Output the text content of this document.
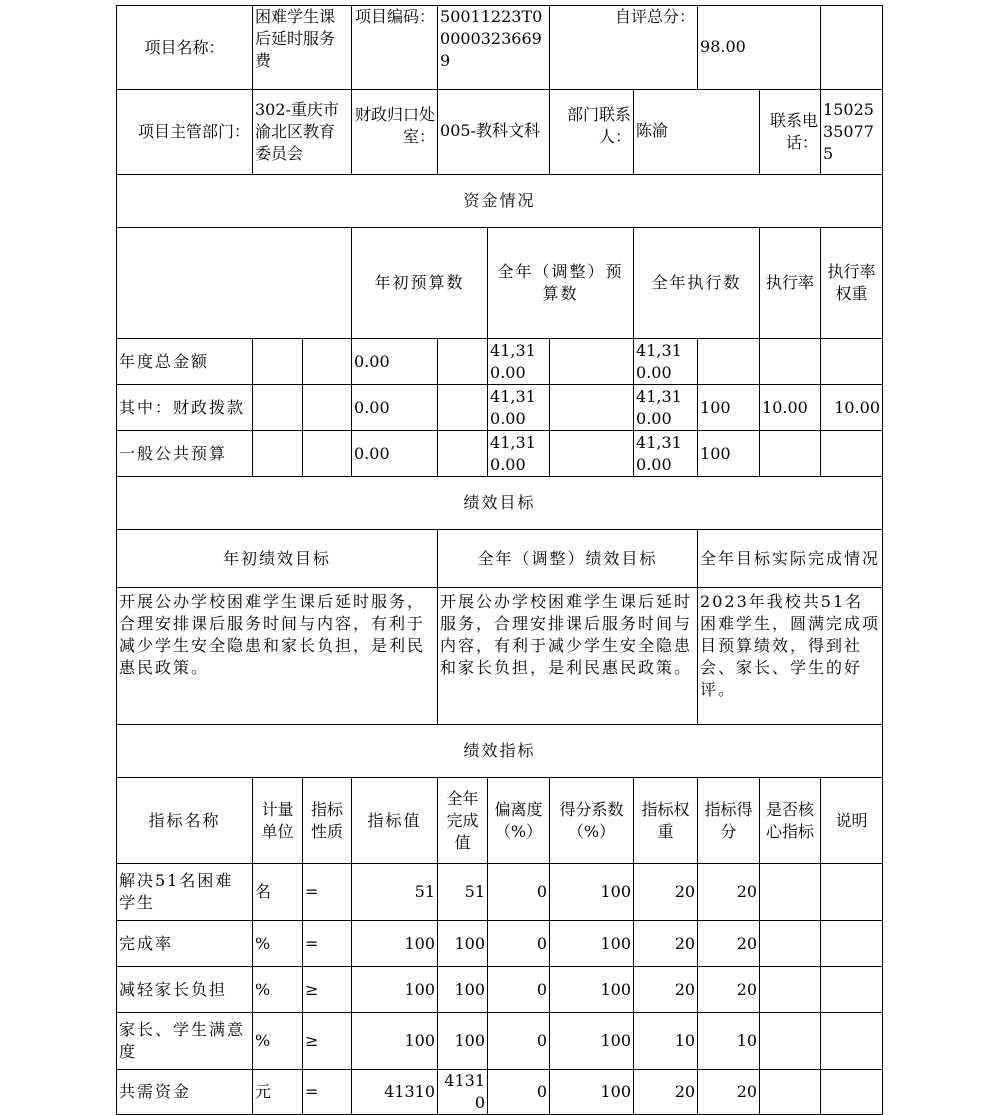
项目名称：	困难学生课后延时服务费		项目编码：	50011223T000003236699		自评总分：		98.00			
项目主管部门：	302-重庆市渝北区教育委员会		财政归口处室：	005-教科文科		部门联系人：	陈渝		联系电话：	15025350775	
资金情况											
			年初预算数		全年（调整）预算数		全年执行数		执行率	执行率权重	
年度总金额			0.00		41,310.00		41,310.00				
其中：财政拨款			0.00		41,310.00		41,310.00	100	10.00	10.00	
一般公共预算			0.00		41,310.00		41,310.00	100			
绩效目标											
年初绩效目标				全年（调整）绩效目标				全年目标实际完成情况			
开展公办学校困难学生课后延时服务，合理安排课后服务时间与内容，有利于减少学生安全隐患和家长负担，是利民惠民政策。				开展公办学校困难学生课后延时服务，合理安排课后服务时间与内容，有利于减少学生安全隐患和家长负担，是利民惠民政策。				2023年我校共51名困难学生，圆满完成项目预算绩效，得到社会、家长、学生的好评。			
绩效指标											
指标名称	计量单位	指标性质	指标值	全年完成值	偏离度（%）	得分系数（%）	指标权重	指标得分	是否核心指标	说明	
解决51名困难学生	名	=	51	51	0	100	20	20			
完成率	%	=	100	100	0	100	20	20			
减轻家长负担	%	≥	100	100	0	100	20	20			
家长、学生满意度	%	≥	100	100	0	100	10	10			
共需资金	元	=	41310	41310	0	100	20	20			
